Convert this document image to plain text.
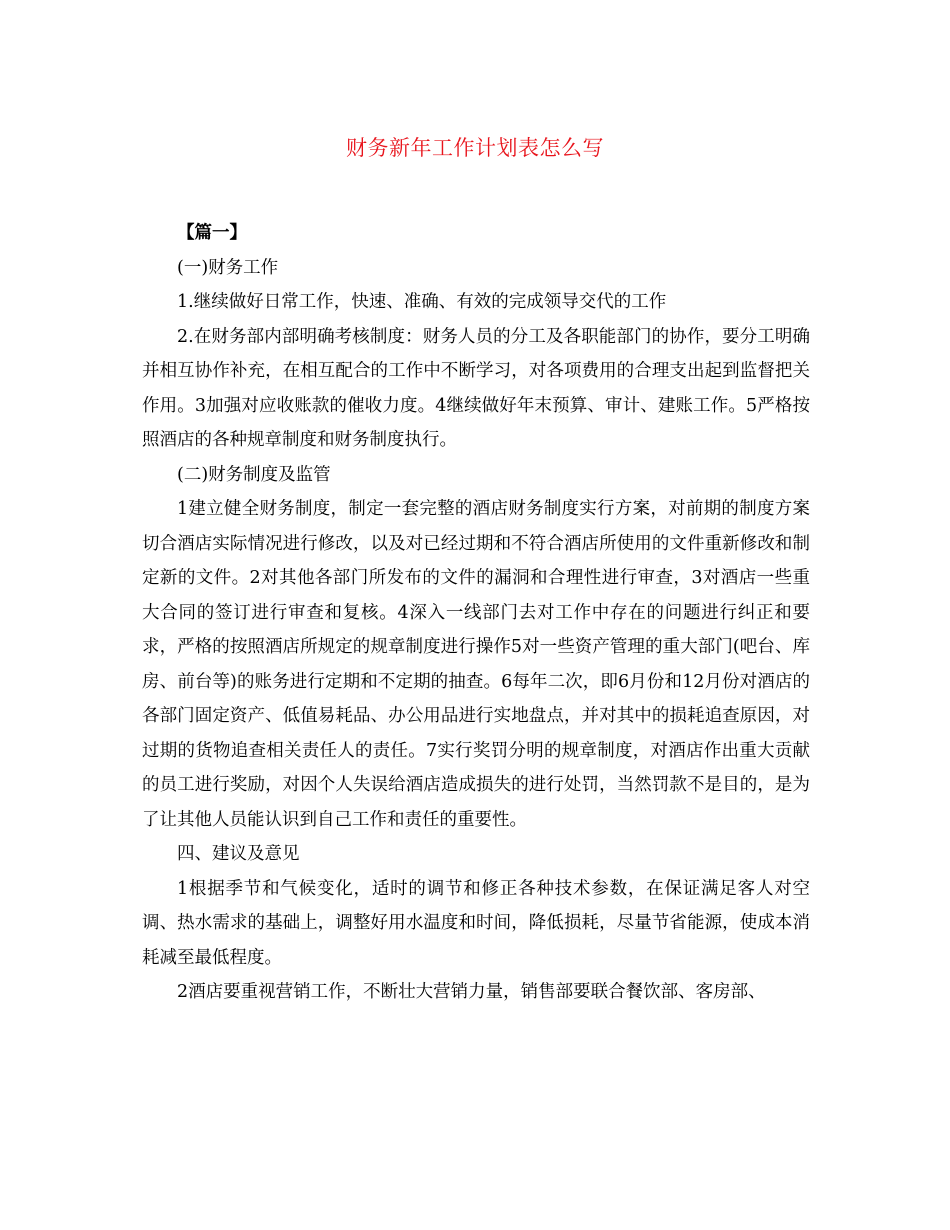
财务新年工作计划表怎么写

【篇一】

(一)财务工作

1.继续做好日常工作，快速、准确、有效的完成领导交代的工作

2.在财务部内部明确考核制度：财务人员的分工及各职能部门的协作，要分工明确并相互协作补充，在相互配合的工作中不断学习，对各项费用的合理支出起到监督把关作用。3加强对应收账款的催收力度。4继续做好年末预算、审计、建账工作。5严格按照酒店的各种规章制度和财务制度执行。

(二)财务制度及监管

1建立健全财务制度，制定一套完整的酒店财务制度实行方案，对前期的制度方案切合酒店实际情况进行修改，以及对已经过期和不符合酒店所使用的文件重新修改和制定新的文件。2对其他各部门所发布的文件的漏洞和合理性进行审查，3对酒店一些重大合同的签订进行审查和复核。4深入一线部门去对工作中存在的问题进行纠正和要求，严格的按照酒店所规定的规章制度进行操作5对一些资产管理的重大部门(吧台、库房、前台等)的账务进行定期和不定期的抽查。6每年二次，即6月份和12月份对酒店的各部门固定资产、低值易耗品、办公用品进行实地盘点，并对其中的损耗追查原因，对过期的货物追查相关责任人的责任。7实行奖罚分明的规章制度，对酒店作出重大贡献的员工进行奖励，对因个人失误给酒店造成损失的进行处罚，当然罚款不是目的，是为了让其他人员能认识到自己工作和责任的重要性。

四、建议及意见

1根据季节和气候变化，适时的调节和修正各种技术参数，在保证满足客人对空调、热水需求的基础上，调整好用水温度和时间，降低损耗，尽量节省能源，使成本消耗减至最低程度。

2酒店要重视营销工作，不断壮大营销力量，销售部要联合餐饮部、客房部、
